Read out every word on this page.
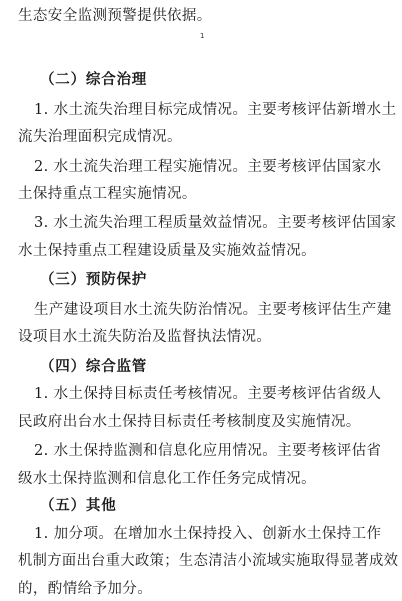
生态安全监测预警提供依据。
1
（二）综合治理
1. 水土流失治理目标完成情况。主要考核评估新增水土
流失治理面积完成情况。
2. 水土流失治理工程实施情况。主要考核评估国家水
土保持重点工程实施情况。
3. 水土流失治理工程质量效益情况。主要考核评估国家
水土保持重点工程建设质量及实施效益情况。
（三）预防保护
生产建设项目水土流失防治情况。主要考核评估生产建
设项目水土流失防治及监督执法情况。
（四）综合监管
1. 水土保持目标责任考核情况。主要考核评估省级人
民政府出台水土保持目标责任考核制度及实施情况。
2. 水土保持监测和信息化应用情况。主要考核评估省
级水土保持监测和信息化工作任务完成情况。
（五）其他
1. 加分项。在增加水土保持投入、创新水土保持工作
机制方面出台重大政策；生态清洁小流域实施取得显著成效
的，酌情给予加分。
